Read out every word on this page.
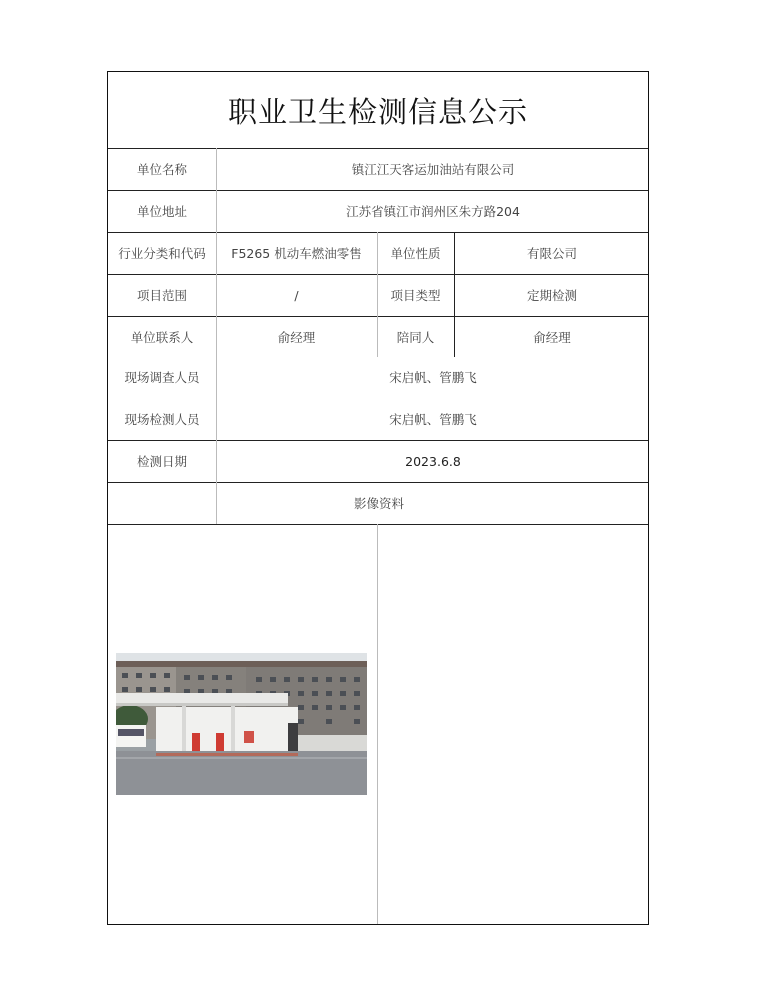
职业卫生检测信息公示
单位名称	镇江江天客运加油站有限公司
单位地址	江苏省镇江市润州区朱方路204
行业分类和代码	F5265 机动车燃油零售	单位性质	有限公司
项目范围	/	项目类型	定期检测
单位联系人	俞经理	陪同人	俞经理
现场调查人员	宋启帆、管鹏飞
现场检测人员	宋启帆、管鹏飞
检测日期	2023.6.8
影像资料
